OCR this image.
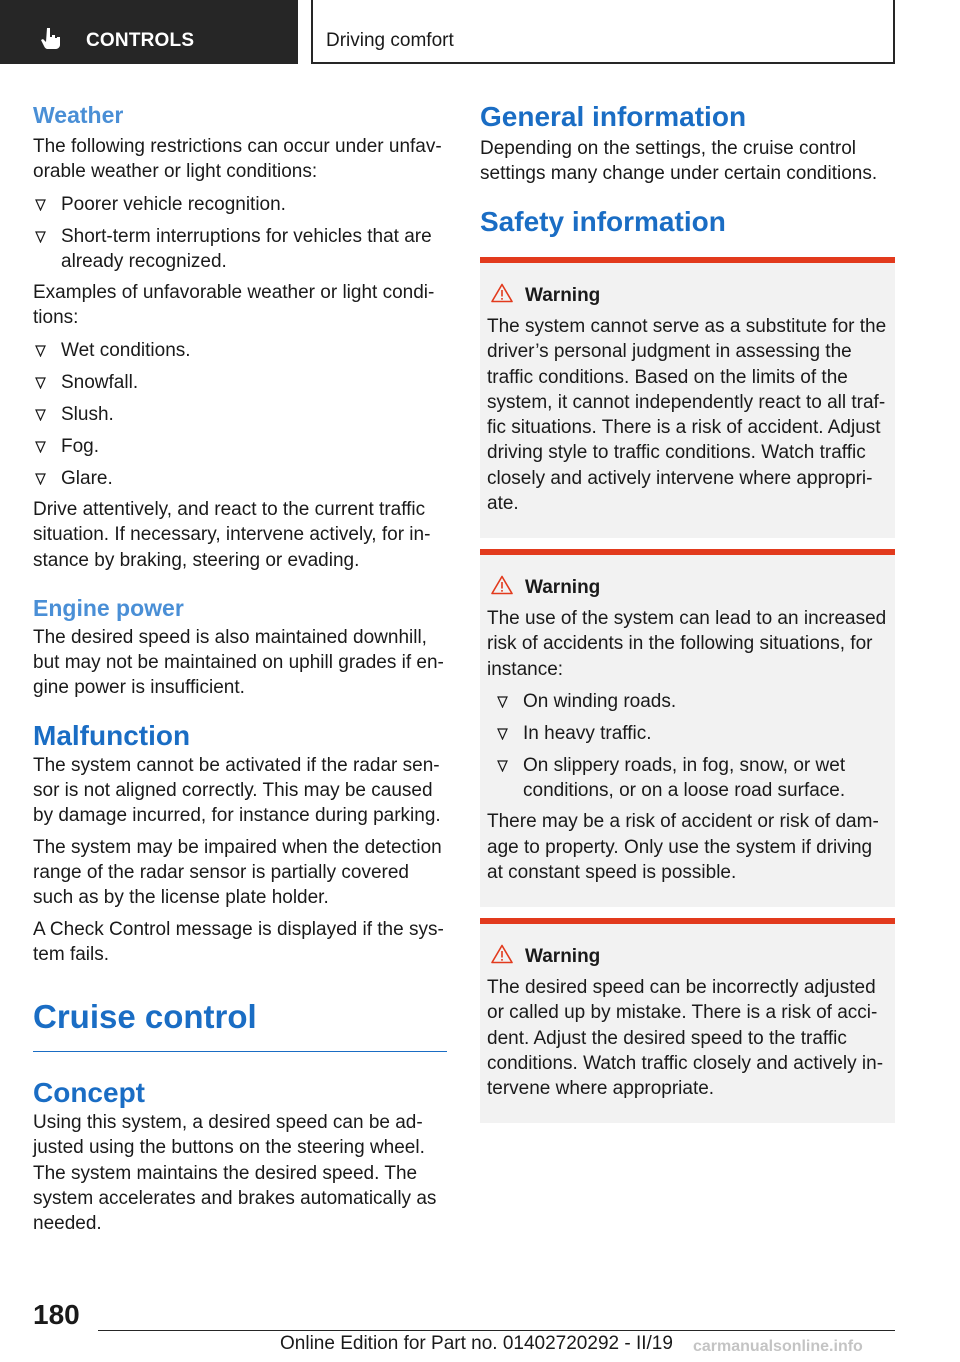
CONTROLS	Driving comfort
Weather

The following restrictions can occur under unfavorable weather or light conditions:

Poorer vehicle recognition.
Short-term interruptions for vehicles that are already recognized.

Examples of unfavorable weather or light conditions:

Wet conditions.
Snowfall.
Slush.
Fog.
Glare.

Drive attentively, and react to the current traffic situation. If necessary, intervene actively, for instance by braking, steering or evading.

Engine power

The desired speed is also maintained downhill, but may not be maintained on uphill grades if engine power is insufficient.

Malfunction

The system cannot be activated if the radar sensor is not aligned correctly. This may be caused by damage incurred, for instance during parking.

The system may be impaired when the detection range of the radar sensor is partially covered such as by the license plate holder.

A Check Control message is displayed if the system fails.

Cruise control
Concept

Using this system, a desired speed can be adjusted using the buttons on the steering wheel. The system maintains the desired speed. The system accelerates and brakes automatically as needed.

General information

Depending on the settings, the cruise control settings many change under certain conditions.

Safety information
Warning

The system cannot serve as a substitute for the driver’s personal judgment in assessing the traffic conditions. Based on the limits of the system, it cannot independently react to all traffic situations. There is a risk of accident. Adjust driving style to traffic conditions. Watch traffic closely and actively intervene where appropriate.

Warning

The use of the system can lead to an increased risk of accidents in the following situations, for instance:

On winding roads.
In heavy traffic.
On slippery roads, in fog, snow, or wet conditions, or on a loose road surface.

There may be a risk of accident or risk of damage to property. Only use the system if driving at constant speed is possible.

Warning

The desired speed can be incorrectly adjusted or called up by mistake. There is a risk of accident. Adjust the desired speed to the traffic conditions. Watch traffic closely and actively intervene where appropriate.

180
Online Edition for Part no. 01402720292 - II/19 carmanualsonline.info
